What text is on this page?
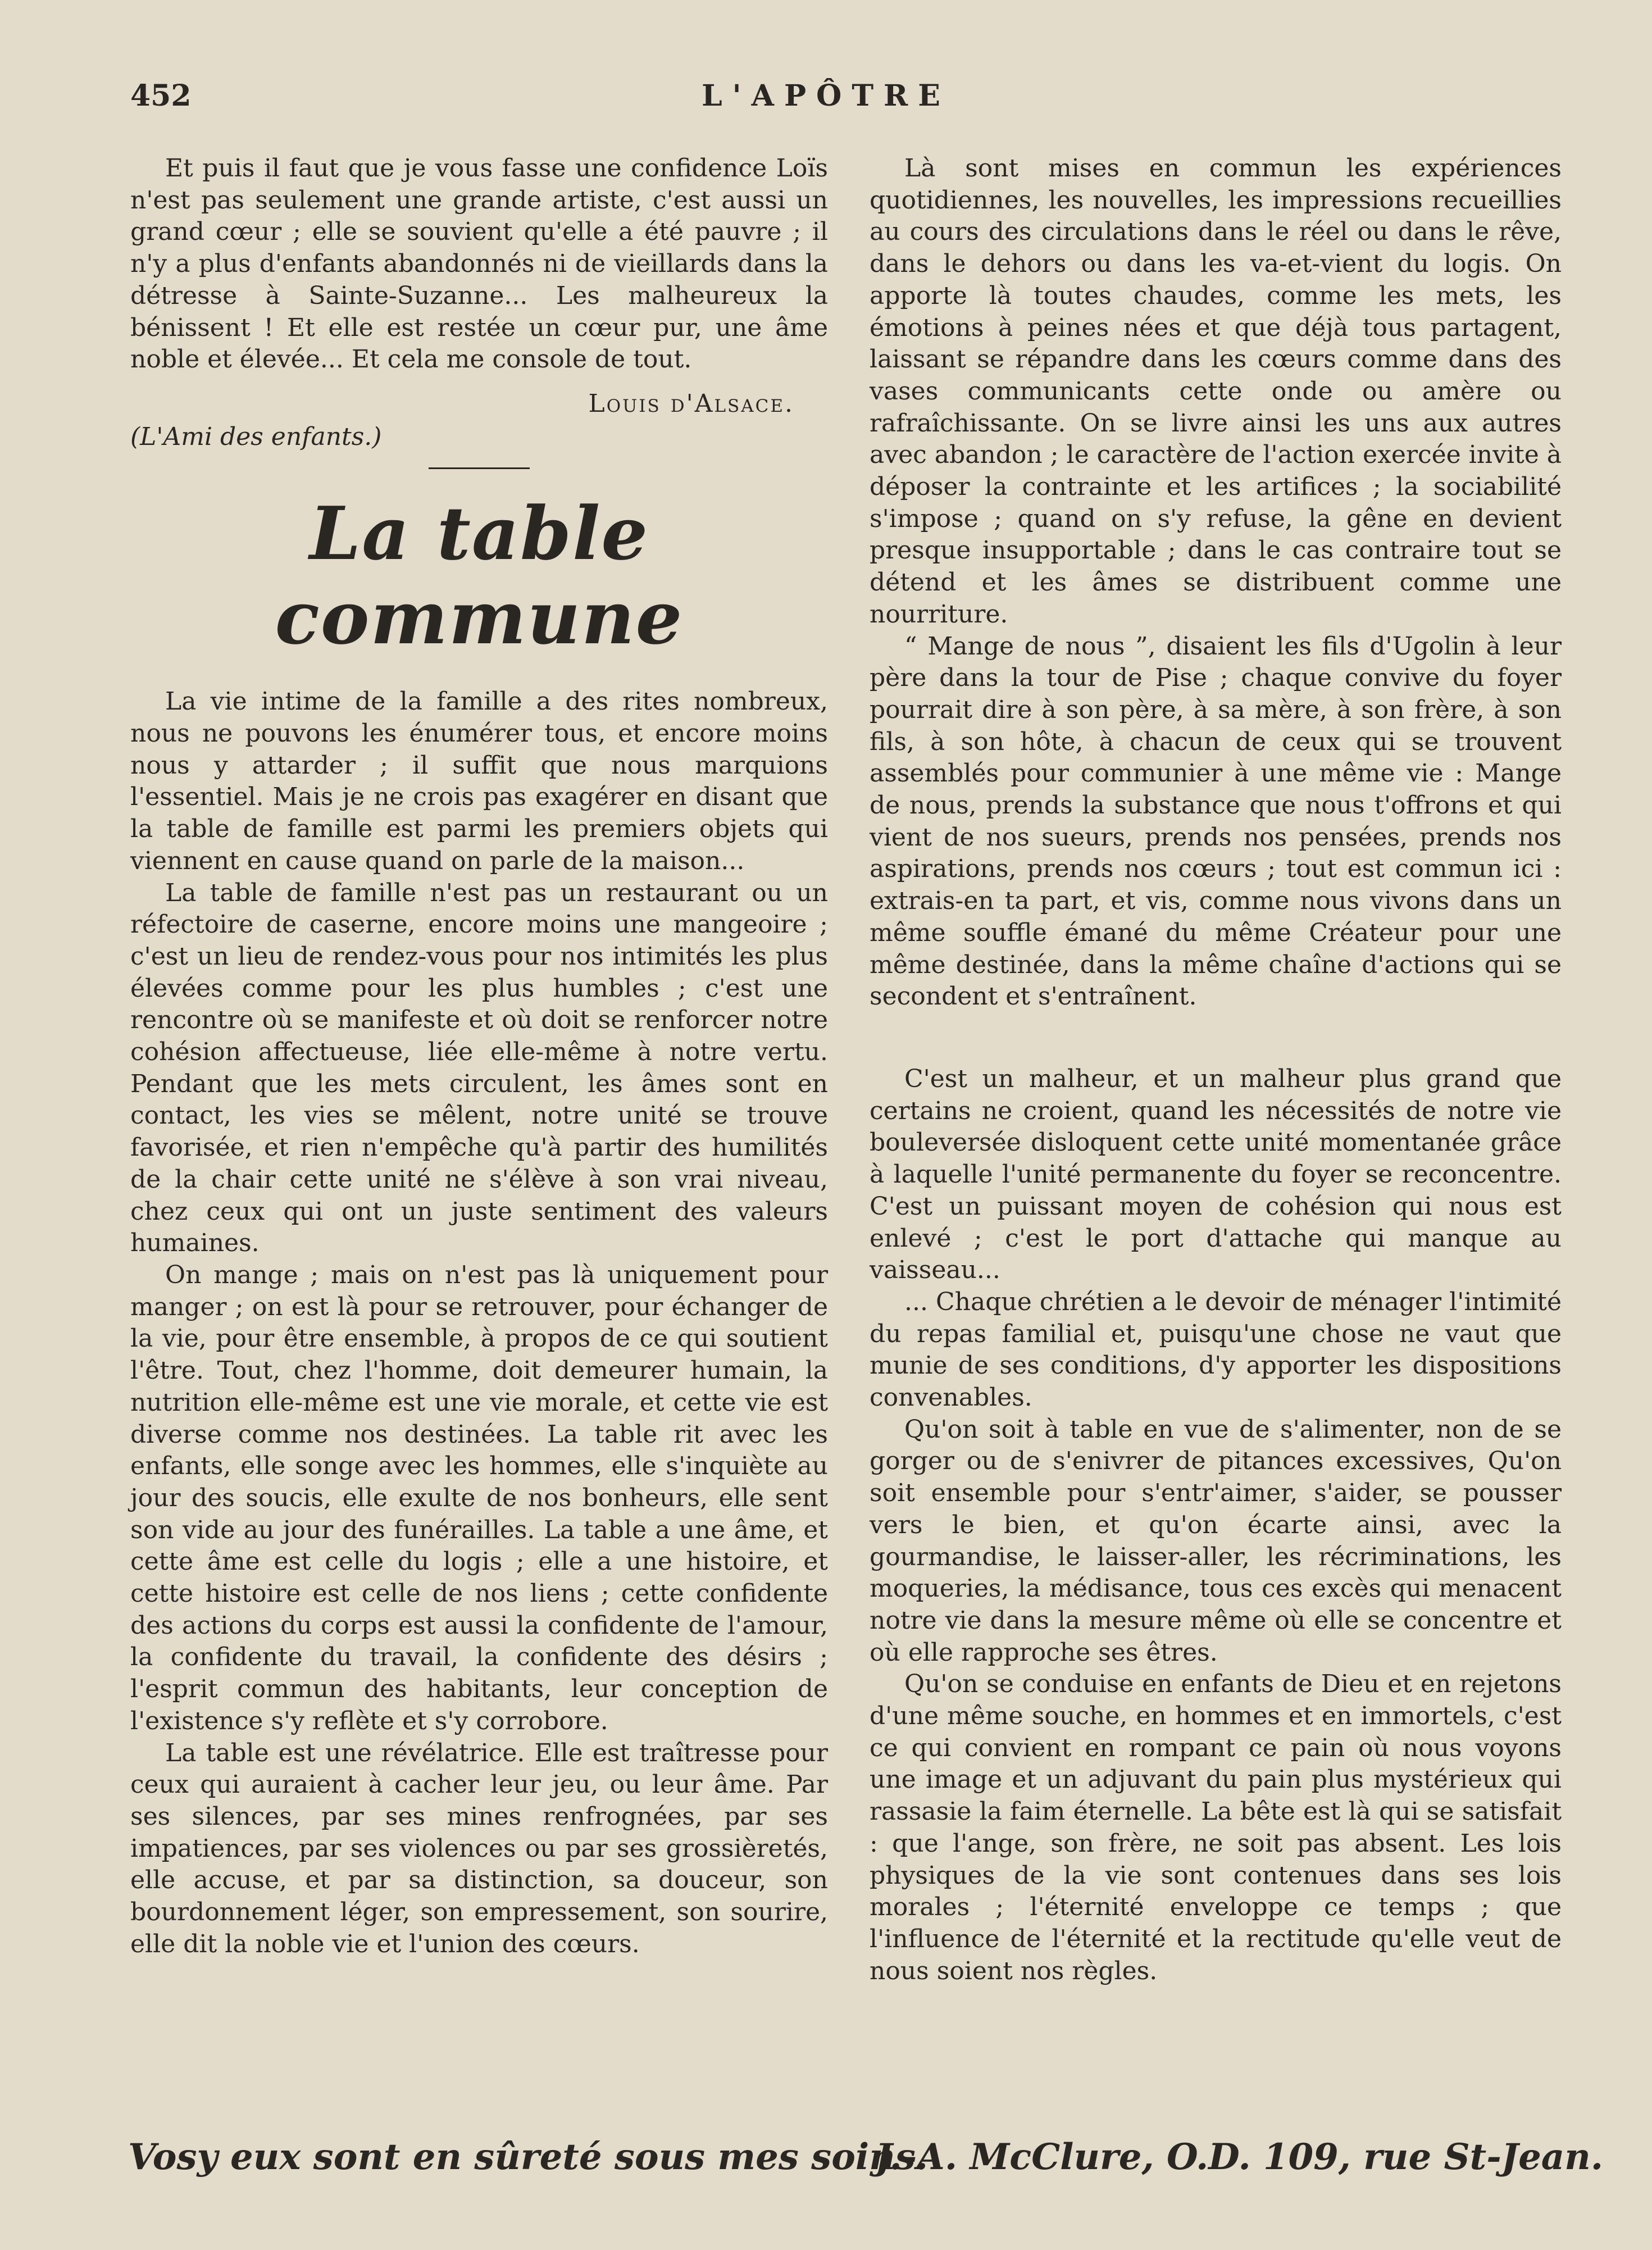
452	L'APÔTRE

Et puis il faut que je vous fasse une confidence Loïs n'est pas seulement une grande artiste, c'est aussi un grand cœur ; elle se souvient qu'elle a été pauvre ; il n'y a plus d'enfants abandonnés ni de vieillards dans la détresse à Sainte-Suzanne... Les malheureux la bénissent ! Et elle est restée un cœur pur, une âme noble et élevée... Et cela me console de tout.

Louis d'Alsace.

(L'Ami des enfants.)

La table commune

La vie intime de la famille a des rites nombreux, nous ne pouvons les énumérer tous, et encore moins nous y attarder ; il suffit que nous marquions l'essentiel. Mais je ne crois pas exagérer en disant que la table de famille est parmi les premiers objets qui viennent en cause quand on parle de la maison...

La table de famille n'est pas un restaurant ou un réfectoire de caserne, encore moins une mangeoire ; c'est un lieu de rendez-vous pour nos intimités les plus élevées comme pour les plus humbles ; c'est une rencontre où se manifeste et où doit se renforcer notre cohésion affectueuse, liée elle-même à notre vertu. Pendant que les mets circulent, les âmes sont en contact, les vies se mêlent, notre unité se trouve favorisée, et rien n'empêche qu'à partir des humilités de la chair cette unité ne s'élève à son vrai niveau, chez ceux qui ont un juste sentiment des valeurs humaines.

On mange ; mais on n'est pas là uniquement pour manger ; on est là pour se retrouver, pour échanger de la vie, pour être ensemble, à propos de ce qui soutient l'être. Tout, chez l'homme, doit demeurer humain, la nutrition elle-même est une vie morale, et cette vie est diverse comme nos destinées. La table rit avec les enfants, elle songe avec les hommes, elle s'inquiète au jour des soucis, elle exulte de nos bonheurs, elle sent son vide au jour des funérailles. La table a une âme, et cette âme est celle du logis ; elle a une histoire, et cette histoire est celle de nos liens ; cette confidente des actions du corps est aussi la confidente de l'amour, la confidente du travail, la confidente des désirs ; l'esprit commun des habitants, leur conception de l'existence s'y reflète et s'y corrobore.

La table est une révélatrice. Elle est traîtresse pour ceux qui auraient à cacher leur jeu, ou leur âme. Par ses silences, par ses mines renfrognées, par ses impatiences, par ses violences ou par ses grossièretés, elle accuse, et par sa distinction, sa douceur, son bourdonnement léger, son empressement, son sourire, elle dit la noble vie et l'union des cœurs.

Là sont mises en commun les expériences quotidiennes, les nouvelles, les impressions recueillies au cours des circulations dans le réel ou dans le rêve, dans le dehors ou dans les va-et-vient du logis. On apporte là toutes chaudes, comme les mets, les émotions à peines nées et que déjà tous partagent, laissant se répandre dans les cœurs comme dans des vases communicants cette onde ou amère ou rafraîchissante. On se livre ainsi les uns aux autres avec abandon ; le caractère de l'action exercée invite à déposer la contrainte et les artifices ; la sociabilité s'impose ; quand on s'y refuse, la gêne en devient presque insupportable ; dans le cas contraire tout se détend et les âmes se distribuent comme une nourriture.

“ Mange de nous ”, disaient les fils d'Ugolin à leur père dans la tour de Pise ; chaque convive du foyer pourrait dire à son père, à sa mère, à son frère, à son fils, à son hôte, à chacun de ceux qui se trouvent assemblés pour communier à une même vie : Mange de nous, prends la substance que nous t'offrons et qui vient de nos sueurs, prends nos pensées, prends nos aspirations, prends nos cœurs ; tout est commun ici : extrais-en ta part, et vis, comme nous vivons dans un même souffle émané du même Créateur pour une même destinée, dans la même chaîne d'actions qui se secondent et s'entraînent.

C'est un malheur, et un malheur plus grand que certains ne croient, quand les nécessités de notre vie bouleversée disloquent cette unité momentanée grâce à laquelle l'unité permanente du foyer se reconcentre. C'est un puissant moyen de cohésion qui nous est enlevé ; c'est le port d'attache qui manque au vaisseau...

... Chaque chrétien a le devoir de ménager l'intimité du repas familial et, puisqu'une chose ne vaut que munie de ses conditions, d'y apporter les dispositions convenables.

Qu'on soit à table en vue de s'alimenter, non de se gorger ou de s'enivrer de pitances excessives, Qu'on soit ensemble pour s'entr'aimer, s'aider, se pousser vers le bien, et qu'on écarte ainsi, avec la gourmandise, le laisser-aller, les récriminations, les moqueries, la médisance, tous ces excès qui menacent notre vie dans la mesure même où elle se concentre et où elle rapproche ses êtres.

Qu'on se conduise en enfants de Dieu et en rejetons d'une même souche, en hommes et en immortels, c'est ce qui convient en rompant ce pain où nous voyons une image et un adjuvant du pain plus mystérieux qui rassasie la faim éternelle. La bête est là qui se satisfait : que l'ange, son frère, ne soit pas absent. Les lois physiques de la vie sont contenues dans ses lois morales ; l'éternité enveloppe ce temps ; que l'influence de l'éternité et la rectitude qu'elle veut de nous soient nos règles.

Vosy eux sont en sûreté sous mes soins.
J.-A. McClure, O.D. 109, rue St-Jean.
